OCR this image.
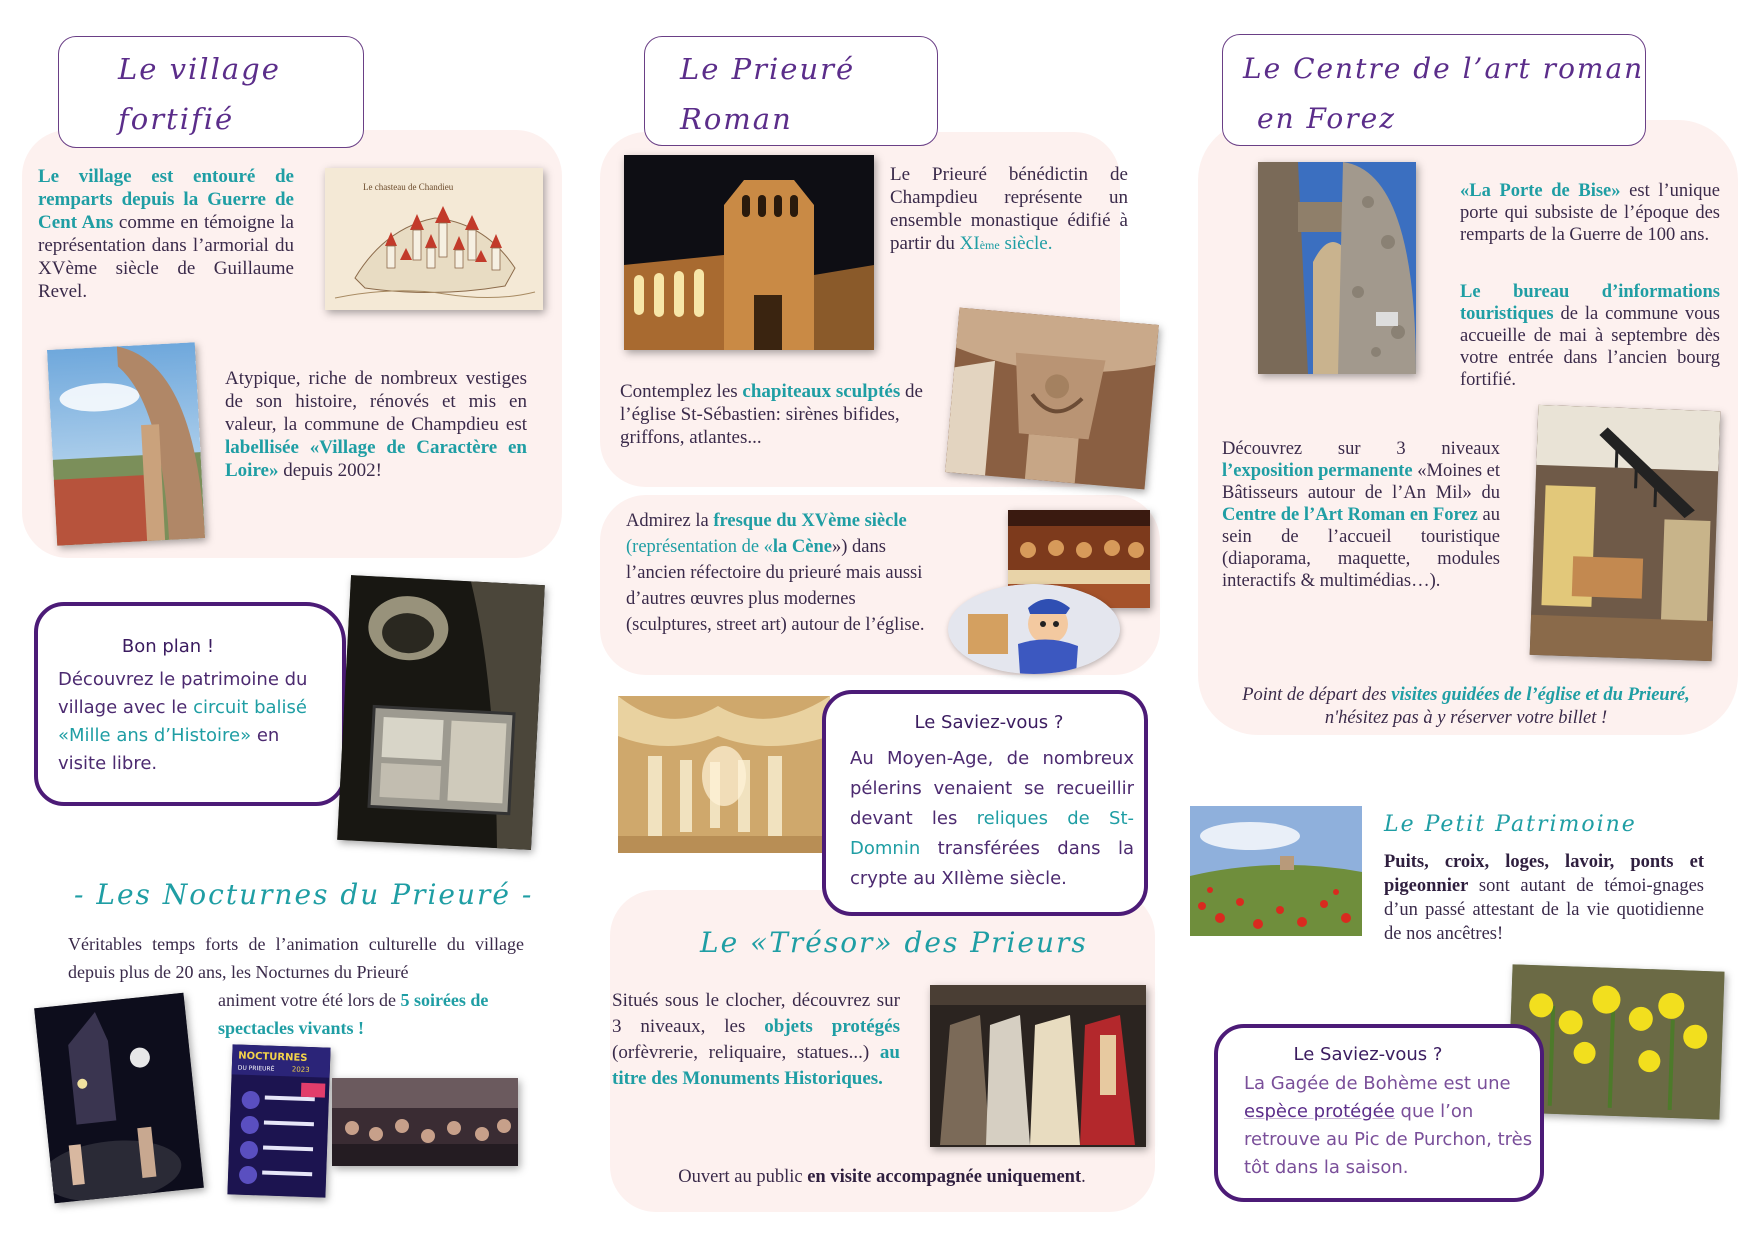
Le village
fortifié
Le village est entouré de remparts depuis la Guerre de Cent Ans comme en témoigne la représentation dans l’armorial du XVème siècle de Guillaume Revel.
Le chasteau de Chandieu
Atypique, riche de nombreux vestiges de son histoire, rénovés et mis en valeur, la commune de Champdieu est labellisée «Village de Caractère en Loire» depuis 2002!
Bon plan !
Découvrez le patrimoine du village avec le circuit balisé «Mille ans d’Histoire» en visite libre.
- Les Nocturnes du Prieuré -
Véritables temps forts de l’animation culturelle du village depuis plus de 20 ans, les Nocturnes du Prieuré
animent votre été lors de 5 soirées de spectacles vivants !
NOCTURNES
DU PRIEURÉ 2023
Le Prieuré
Roman
Le Prieuré bénédictin de Champdieu représente un ensemble monastique édifié à partir du XIème siècle.
Contemplez les chapiteaux sculptés de l’église St-Sébastien: sirènes bifides, griffons, atlantes...
Admirez la fresque du XVème siècle (représentation de «la Cène») dans l’ancien réfectoire du prieuré mais aussi d’autres œuvres plus modernes (sculptures, street art) autour de l’église.
Le Saviez-vous ?
Au Moyen-Age, de nombreux pélerins venaient se recueillir devant les reliques de St-Domnin transférées dans la crypte au XIIème siècle.
Le «Trésor» des Prieurs
Situés sous le clocher, découvrez sur 3 niveaux, les objets protégés (orfèvrerie, reliquaire, statues...) au titre des Monuments Historiques.
Ouvert au public en visite accompagnée uniquement.
Le Centre de l’art roman
en Forez
«La Porte de Bise» est l’unique porte qui subsiste de l’époque des remparts de la Guerre de 100 ans.
Le bureau d’informations touristiques de la commune vous accueille de mai à septembre dès votre entrée dans l’ancien bourg fortifié.
Découvrez sur 3 niveaux l’exposition permanente «Moines et Bâtisseurs autour de l’An Mil» du Centre de l’Art Roman en Forez au sein de l’accueil touristique (diaporama, maquette, modules interactifs & multimédias…).
Point de départ des visites guidées de l’église et du Prieuré, n'hésitez pas à y réserver votre billet !
Le Petit Patrimoine
Puits, croix, loges, lavoir, ponts et pigeonnier sont autant de témoi-gnages d’un passé attestant de la vie quotidienne de nos ancêtres!
Le Saviez-vous ?
La Gagée de Bohème est une espèce protégée que l’on retrouve au Pic de Purchon, très tôt dans la saison.
